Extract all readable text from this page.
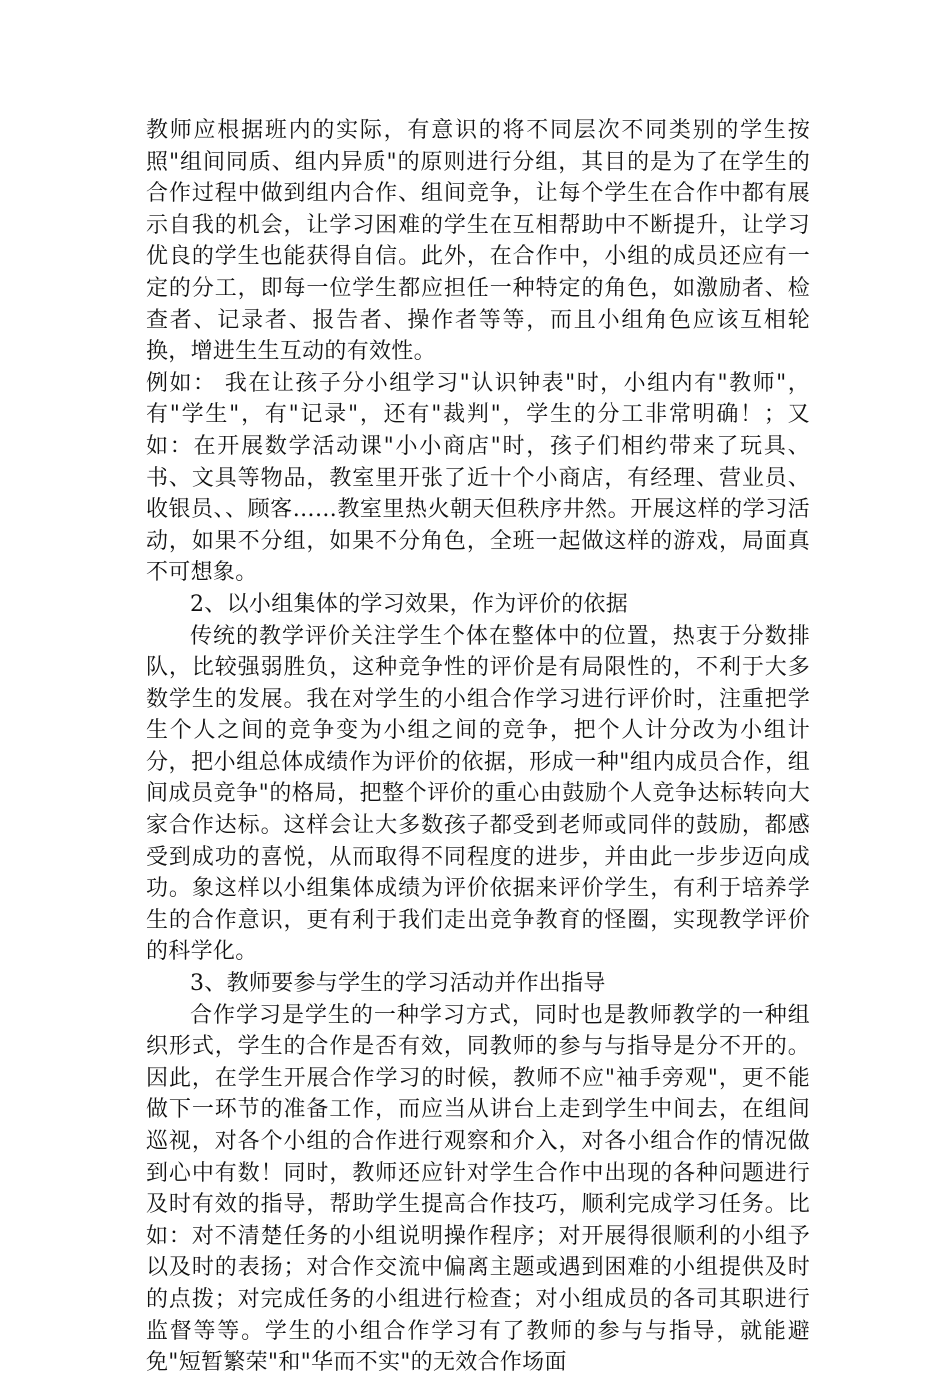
教师应根据班内的实际，有意识的将不同层次不同类别的学生按照"组间同质、组内异质"的原则进行分组，其目的是为了在学生的合作过程中做到组内合作、组间竞争，让每个学生在合作中都有展示自我的机会，让学习困难的学生在互相帮助中不断提升，让学习优良的学生也能获得自信。此外，在合作中，小组的成员还应有一定的分工，即每一位学生都应担任一种特定的角色，如激励者、检查者、记录者、报告者、操作者等等，而且小组角色应该互相轮换，增进生生互动的有效性。

例如： 我在让孩子分小组学习"认识钟表"时，小组内有"教师"，有"学生"，有"记录"，还有"裁判"，学生的分工非常明确！；又如：在开展数学活动课"小小商店"时，孩子们相约带来了玩具、书、文具等物品，教室里开张了近十个小商店，有经理、营业员、收银员、、顾客……教室里热火朝天但秩序井然。开展这样的学习活动，如果不分组，如果不分角色，全班一起做这样的游戏，局面真不可想象。

2、以小组集体的学习效果，作为评价的依据

传统的教学评价关注学生个体在整体中的位置，热衷于分数排队，比较强弱胜负，这种竞争性的评价是有局限性的，不利于大多数学生的发展。我在对学生的小组合作学习进行评价时，注重把学生个人之间的竞争变为小组之间的竞争，把个人计分改为小组计分，把小组总体成绩作为评价的依据，形成一种"组内成员合作，组间成员竞争"的格局，把整个评价的重心由鼓励个人竞争达标转向大家合作达标。这样会让大多数孩子都受到老师或同伴的鼓励，都感受到成功的喜悦，从而取得不同程度的进步，并由此一步步迈向成功。象这样以小组集体成绩为评价依据来评价学生，有利于培养学生的合作意识，更有利于我们走出竞争教育的怪圈，实现教学评价的科学化。

3、教师要参与学生的学习活动并作出指导

合作学习是学生的一种学习方式，同时也是教师教学的一种组织形式，学生的合作是否有效，同教师的参与与指导是分不开的。因此，在学生开展合作学习的时候，教师不应"袖手旁观"，更不能做下一环节的准备工作，而应当从讲台上走到学生中间去，在组间巡视，对各个小组的合作进行观察和介入，对各小组合作的情况做到心中有数！同时，教师还应针对学生合作中出现的各种问题进行及时有效的指导，帮助学生提高合作技巧，顺利完成学习任务。比如：对不清楚任务的小组说明操作程序；对开展得很顺利的小组予以及时的表扬；对合作交流中偏离主题或遇到困难的小组提供及时的点拨；对完成任务的小组进行检查；对小组成员的各司其职进行监督等等。学生的小组合作学习有了教师的参与与指导，就能避免"短暂繁荣"和"华而不实"的无效合作场面
